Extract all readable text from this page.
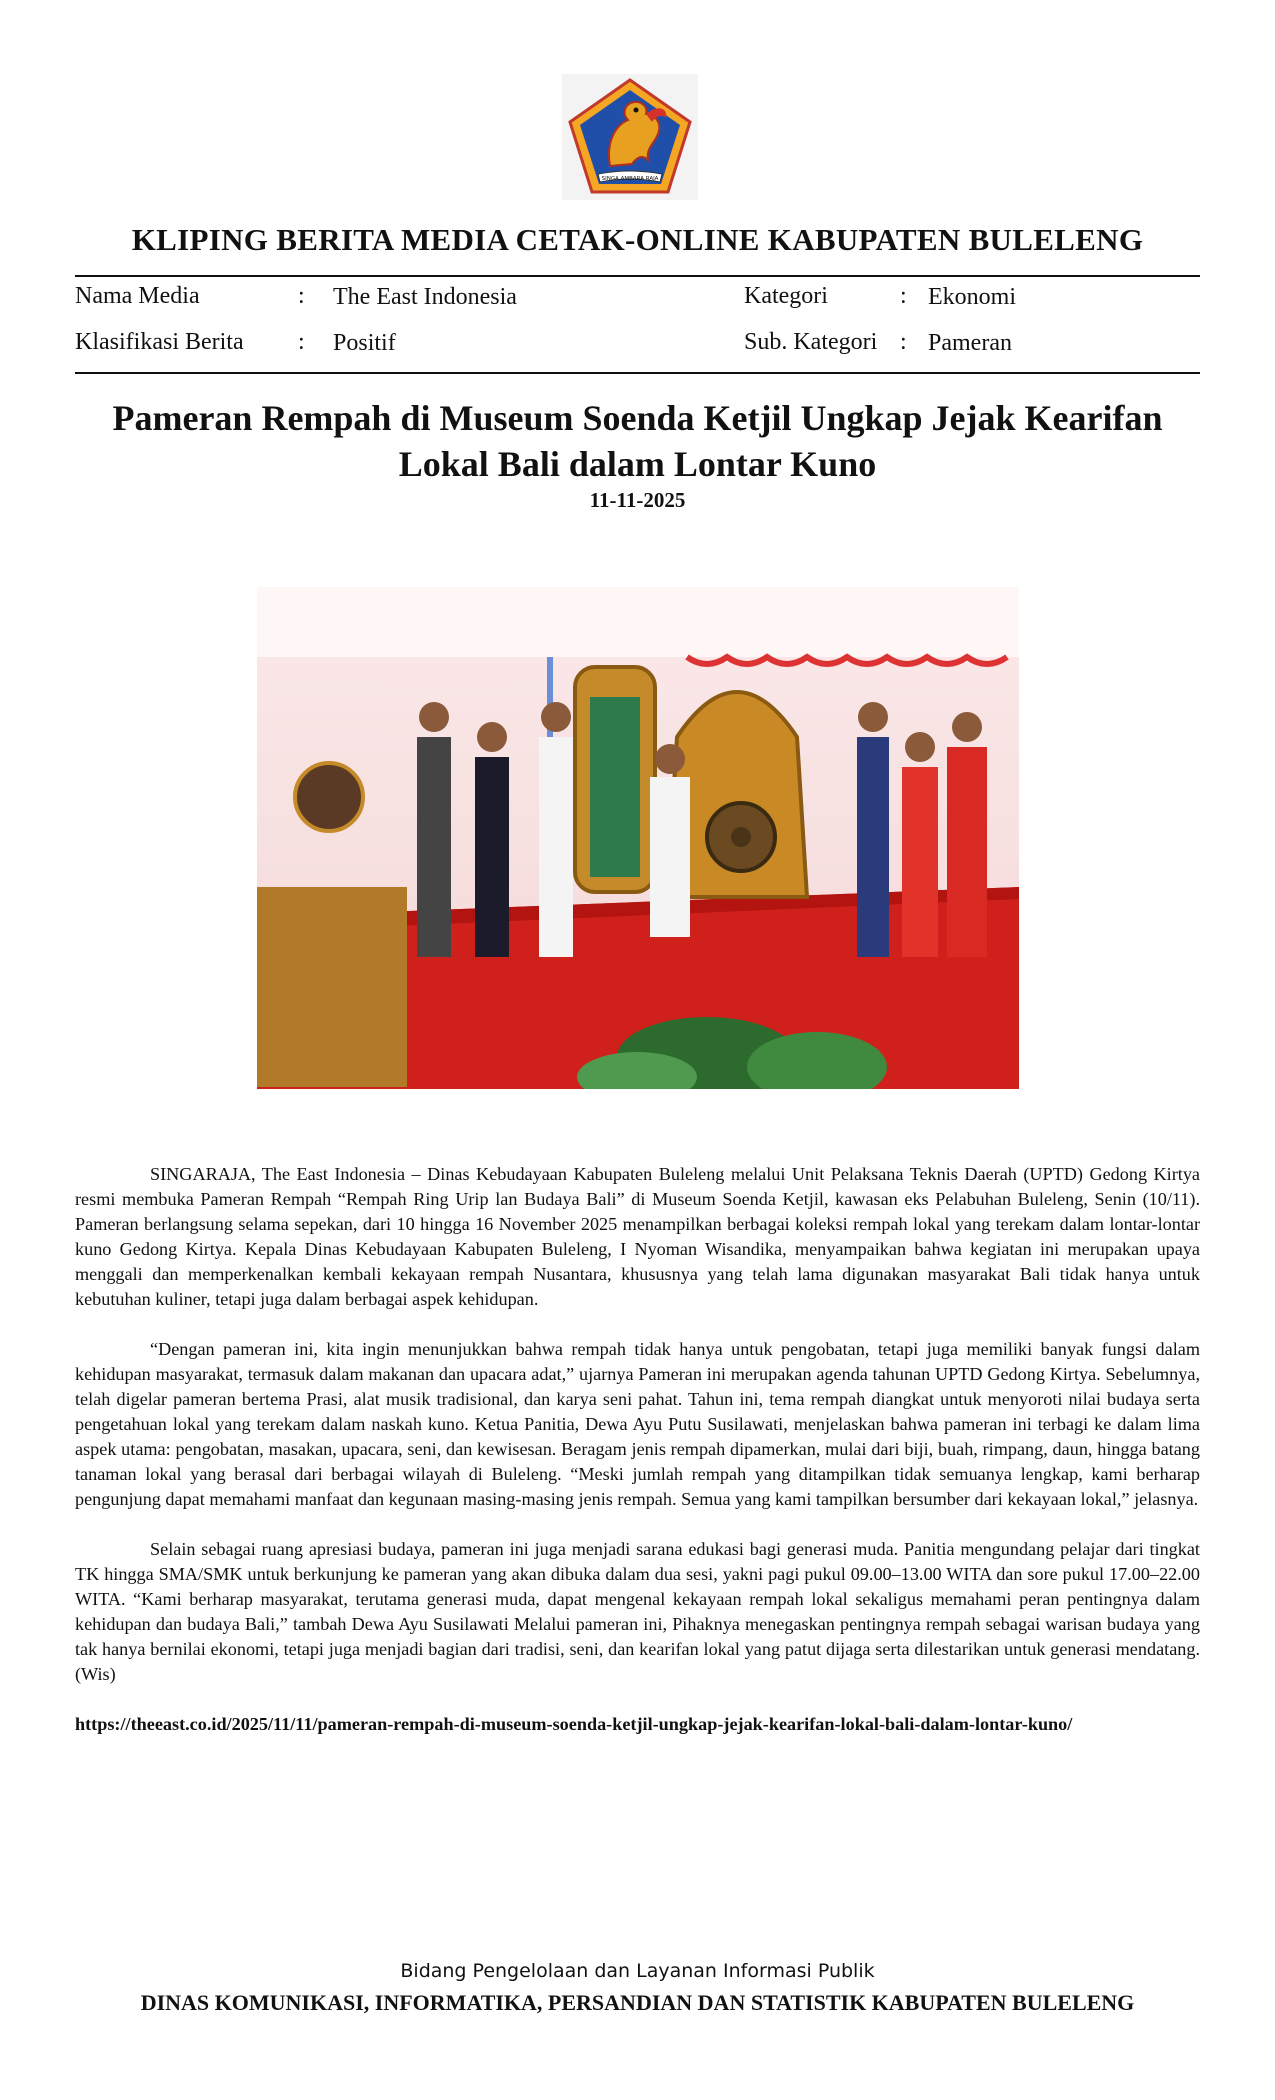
SINGA AMBARA RAJA
KLIPING BERITA MEDIA CETAK-ONLINE KABUPATEN BULELENG
Nama Media	: The East Indonesia	Kategori	: Ekonomi
Klasifikasi Berita : Positif	Sub. Kategori : Pameran
Pameran Rempah di Museum Soenda Ketjil Ungkap Jejak Kearifan Lokal Bali dalam Lontar Kuno
11-11-2025

SINGARAJA, The East Indonesia – Dinas Kebudayaan Kabupaten Buleleng melalui Unit Pelaksana Teknis Daerah (UPTD) Gedong Kirtya resmi membuka Pameran Rempah “Rempah Ring Urip lan Budaya Bali” di Museum Soenda Ketjil, kawasan eks Pelabuhan Buleleng, Senin (10/11). Pameran berlangsung selama sepekan, dari 10 hingga 16 November 2025 menampilkan berbagai koleksi rempah lokal yang terekam dalam lontar-lontar kuno Gedong Kirtya. Kepala Dinas Kebudayaan Kabupaten Buleleng, I Nyoman Wisandika, menyampaikan bahwa kegiatan ini merupakan upaya menggali dan memperkenalkan kembali kekayaan rempah Nusantara, khususnya yang telah lama digunakan masyarakat Bali tidak hanya untuk kebutuhan kuliner, tetapi juga dalam berbagai aspek kehidupan.

“Dengan pameran ini, kita ingin menunjukkan bahwa rempah tidak hanya untuk pengobatan, tetapi juga memiliki banyak fungsi dalam kehidupan masyarakat, termasuk dalam makanan dan upacara adat,” ujarnya Pameran ini merupakan agenda tahunan UPTD Gedong Kirtya. Sebelumnya, telah digelar pameran bertema Prasi, alat musik tradisional, dan karya seni pahat. Tahun ini, tema rempah diangkat untuk menyoroti nilai budaya serta pengetahuan lokal yang terekam dalam naskah kuno. Ketua Panitia, Dewa Ayu Putu Susilawati, menjelaskan bahwa pameran ini terbagi ke dalam lima aspek utama: pengobatan, masakan, upacara, seni, dan kewisesan. Beragam jenis rempah dipamerkan, mulai dari biji, buah, rimpang, daun, hingga batang tanaman lokal yang berasal dari berbagai wilayah di Buleleng. “Meski jumlah rempah yang ditampilkan tidak semuanya lengkap, kami berharap pengunjung dapat memahami manfaat dan kegunaan masing-masing jenis rempah. Semua yang kami tampilkan bersumber dari kekayaan lokal,” jelasnya.

Selain sebagai ruang apresiasi budaya, pameran ini juga menjadi sarana edukasi bagi generasi muda. Panitia mengundang pelajar dari tingkat TK hingga SMA/SMK untuk berkunjung ke pameran yang akan dibuka dalam dua sesi, yakni pagi pukul 09.00–13.00 WITA dan sore pukul 17.00–22.00 WITA. “Kami berharap masyarakat, terutama generasi muda, dapat mengenal kekayaan rempah lokal sekaligus memahami peran pentingnya dalam kehidupan dan budaya Bali,” tambah Dewa Ayu Susilawati Melalui pameran ini, Pihaknya menegaskan pentingnya rempah sebagai warisan budaya yang tak hanya bernilai ekonomi, tetapi juga menjadi bagian dari tradisi, seni, dan kearifan lokal yang patut dijaga serta dilestarikan untuk generasi mendatang.(Wis)

https://theeast.co.id/2025/11/11/pameran-rempah-di-museum-soenda-ketjil-ungkap-jejak-kearifan-lokal-bali-dalam-lontar-kuno/

Bidang Pengelolaan dan Layanan Informasi Publik
DINAS KOMUNIKASI, INFORMATIKA, PERSANDIAN DAN STATISTIK KABUPATEN BULELENG
